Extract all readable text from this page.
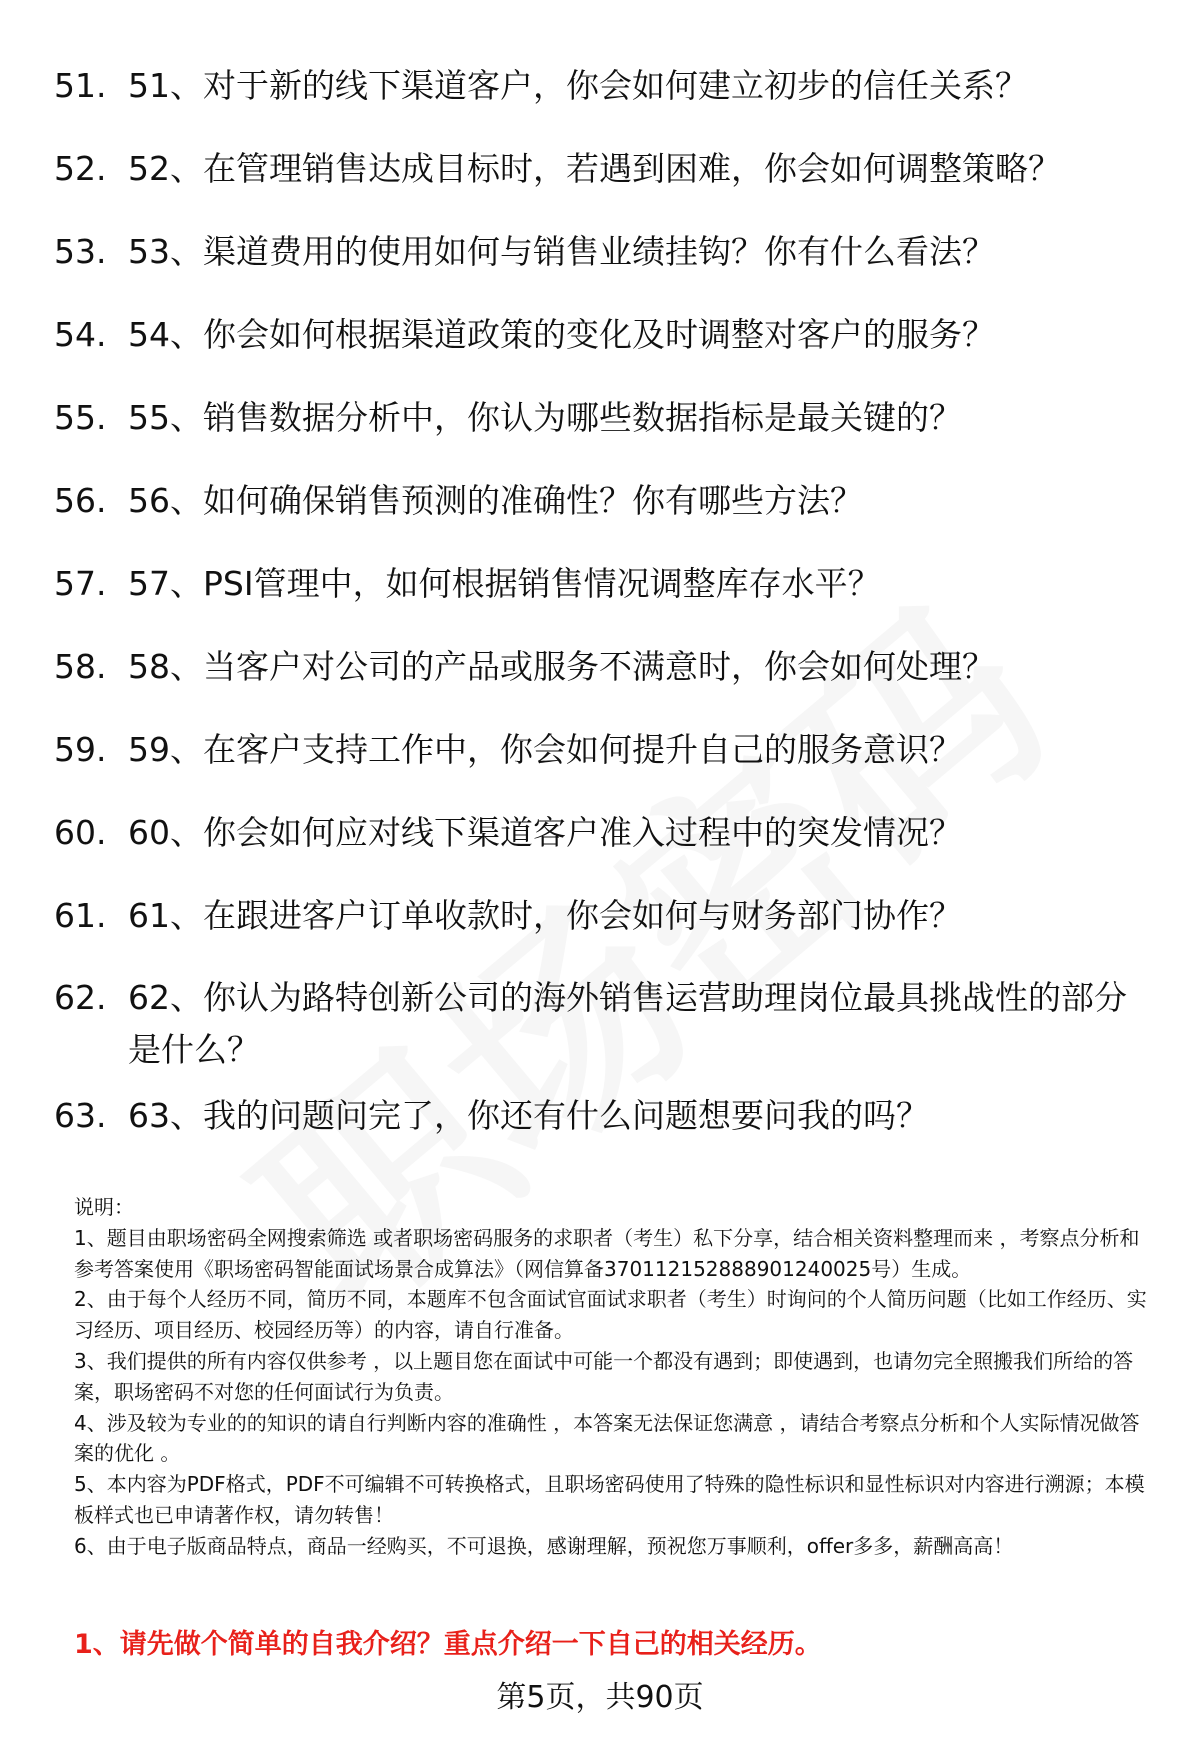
51. 51、对于新的线下渠道客户，你会如何建立初步的信任关系？
52. 52、在管理销售达成目标时，若遇到困难，你会如何调整策略？
53. 53、渠道费用的使用如何与销售业绩挂钩？你有什么看法？
54. 54、你会如何根据渠道政策的变化及时调整对客户的服务？
55. 55、销售数据分析中，你认为哪些数据指标是最关键的？
56. 56、如何确保销售预测的准确性？你有哪些方法？
57. 57、PSI管理中，如何根据销售情况调整库存水平？
58. 58、当客户对公司的产品或服务不满意时，你会如何处理？
59. 59、在客户支持工作中，你会如何提升自己的服务意识？
60. 60、你会如何应对线下渠道客户准入过程中的突发情况？
61. 61、在跟进客户订单收款时，你会如何与财务部门协作？
62. 62、你认为路特创新公司的海外销售运营助理岗位最具挑战性的部分是什么？
63. 63、我的问题问完了，你还有什么问题想要问我的吗？
说明：
1、题目由职场密码全网搜索筛选 或者职场密码服务的求职者（考生）私下分享，结合相关资料整理而来 ，考察点分析和参考答案使用《职场密码智能面试场景合成算法》（网信算备370112152888901240025号）生成。
2、由于每个人经历不同，简历不同，本题库不包含面试官面试求职者（考生）时询问的个人简历问题（比如工作经历、实习经历、项目经历、校园经历等）的内容，请自行准备。
3、我们提供的所有内容仅供参考 ，以上题目您在面试中可能一个都没有遇到；即使遇到，也请勿完全照搬我们所给的答案，职场密码不对您的任何面试行为负责。
4、涉及较为专业的的知识的请自行判断内容的准确性 ，本答案无法保证您满意 ，请结合考察点分析和个人实际情况做答案的优化 。
5、本内容为PDF格式，PDF不可编辑不可转换格式，且职场密码使用了特殊的隐性标识和显性标识对内容进行溯源；本模板样式也已申请著作权，请勿转售！
6、由于电子版商品特点，商品一经购买，不可退换，感谢理解，预祝您万事顺利，offer多多，薪酬高高！
1、请先做个简单的自我介绍？重点介绍一下自己的相关经历。
第5页，共90页
